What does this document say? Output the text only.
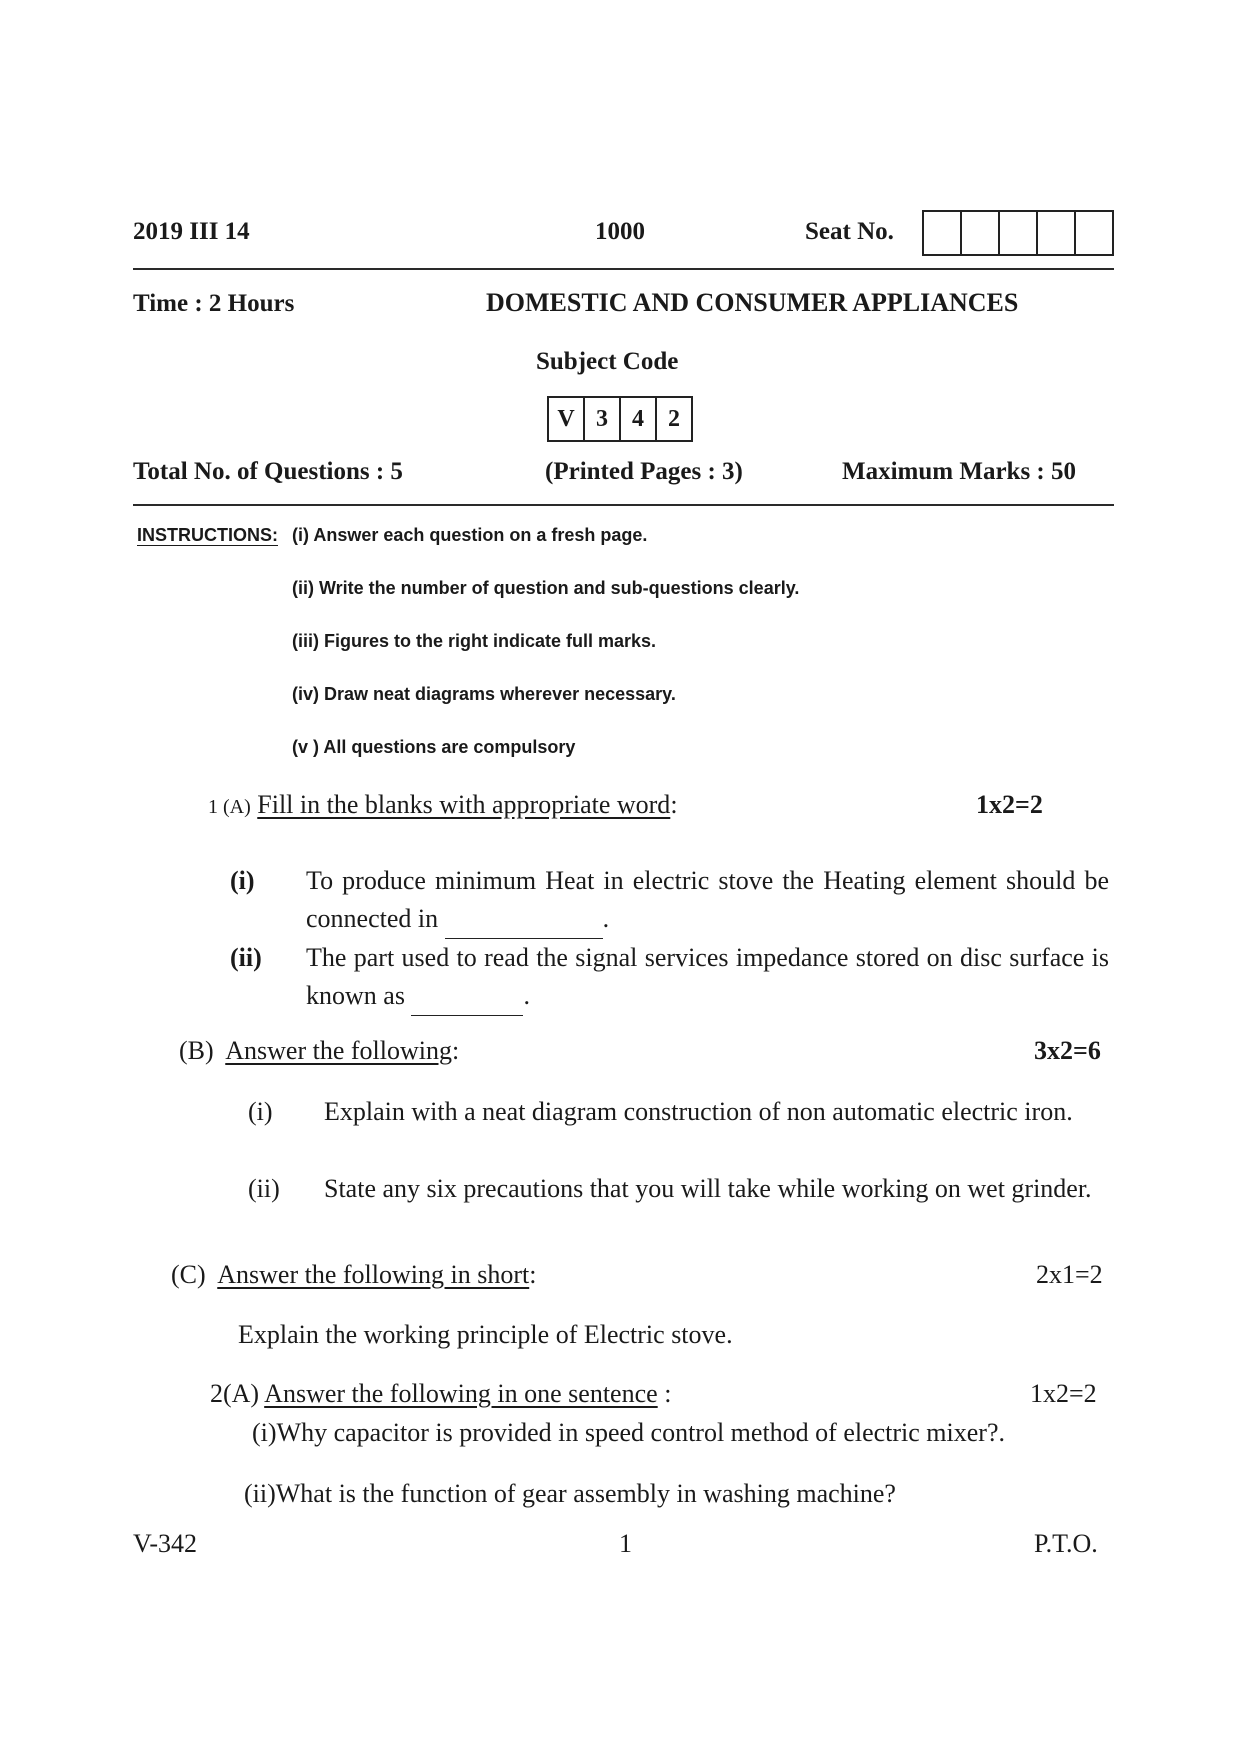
2019 III 14	1000	Seat No.
Time : 2 Hours	DOMESTIC AND CONSUMER APPLIANCES
Subject Code
V 3	4	2
Total No. of Questions : 5	(Printed Pages : 3)	Maximum Marks : 50
INSTRUCTIONS: (i) Answer each question on a fresh page.
(ii) Write the number of question and sub-questions clearly.
(iii) Figures to the right indicate full marks.
(iv) Draw neat diagrams wherever necessary.
(v ) All questions are compulsory
1 (A) Fill in the blanks with appropriate word:	1x2=2
(i) To produce minimum Heat in electric stove the Heating element should be connected in	.
(ii) The part used to read the signal services impedance stored on disc surface is known as	.
(B) Answer the following:	3x2=6
(i) Explain with a neat diagram construction of non automatic electric iron.
(ii) State any six precautions that you will take while working on wet grinder.
(C) Answer the following in short:	2x1=2
Explain the working principle of Electric stove.
2(A) Answer the following in one sentence :	1x2=2
(i)Why capacitor is provided in speed control method of electric mixer?.
(ii)What is the function of gear assembly in washing machine?
V-342	1	P.T.O.
